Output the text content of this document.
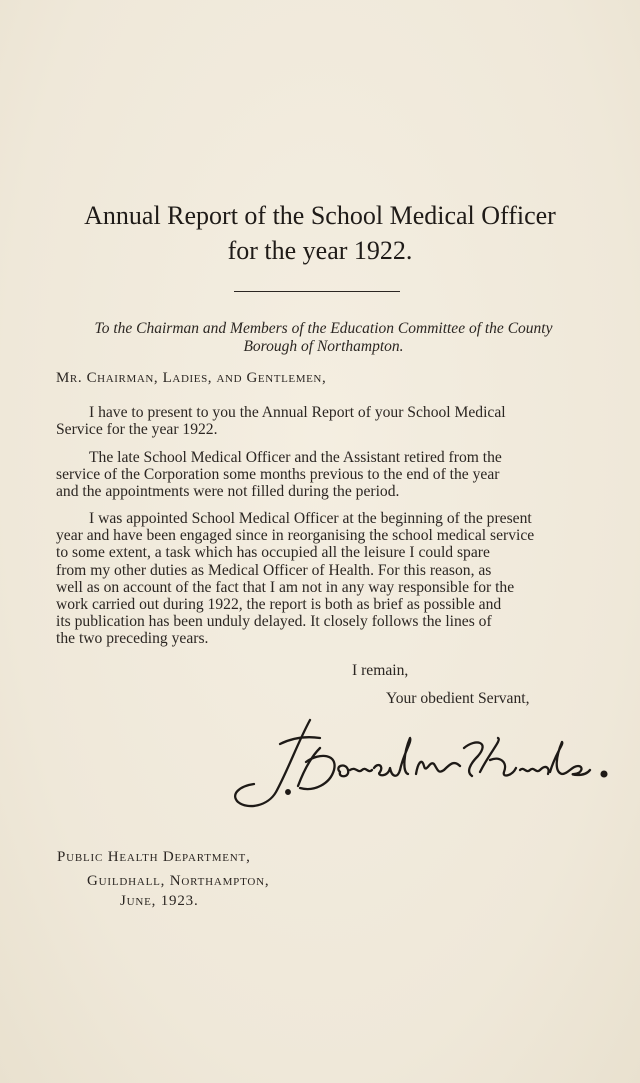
Annual Report of the School Medical Officer
for the year 1922.
To the Chairman and Members of the Education Committee of the County
Borough of Northampton.
Mr. Chairman, Ladies, and Gentlemen,
I have to present to you the Annual Report of your School Medical
Service for the year 1922.
The late School Medical Officer and the Assistant retired from the
service of the Corporation some months previous to the end of the year
and the appointments were not filled during the period.
I was appointed School Medical Officer at the beginning of the present
year and have been engaged since in reorganising the school medical service
to some extent, a task which has occupied all the leisure I could spare
from my other duties as Medical Officer of Health. For this reason, as
well as on account of the fact that I am not in any way responsible for the
work carried out during 1922, the report is both as brief as possible and
its publication has been unduly delayed. It closely follows the lines of
the two preceding years.
I remain,
Your obedient Servant,
J. Donald McKindle.
Public Health Department,
Guildhall, Northampton,
June, 1923.
